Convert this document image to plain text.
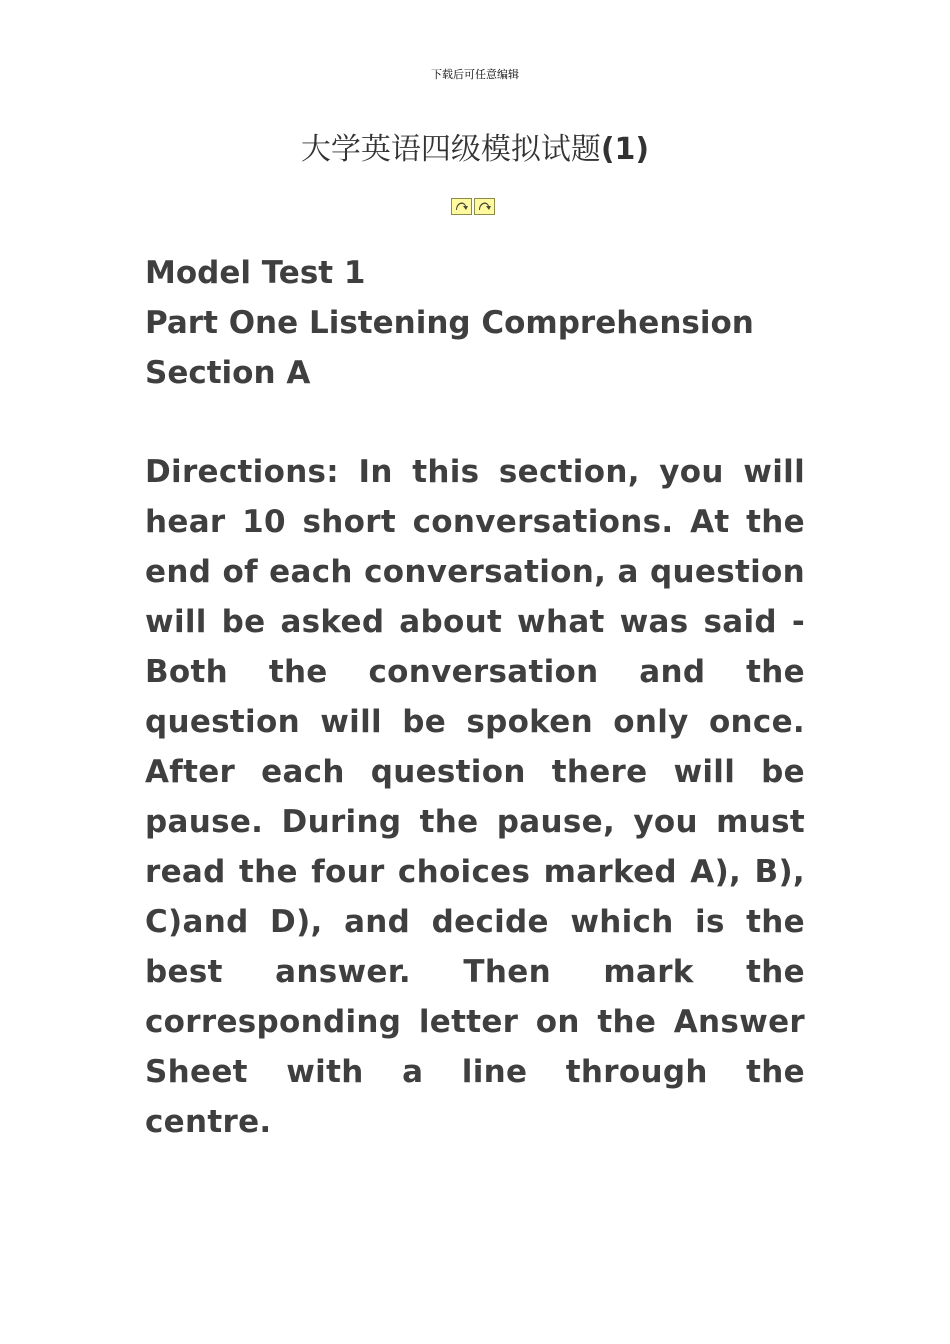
下载后可任意编辑
大学英语四级模拟试题(1)
Model Test 1
Part One Listening Comprehension
Section A
Directions: In this section, you will hear 10 short conversations. At the end of each conversation, a question will be asked about what was said - Both the conversation and the question will be spoken only once. After each question there will be pause. During the pause, you must read the four choices marked A), B), C)and D), and decide which is the best answer. Then mark the corresponding letter on the Answer Sheet with a line through the centre.
